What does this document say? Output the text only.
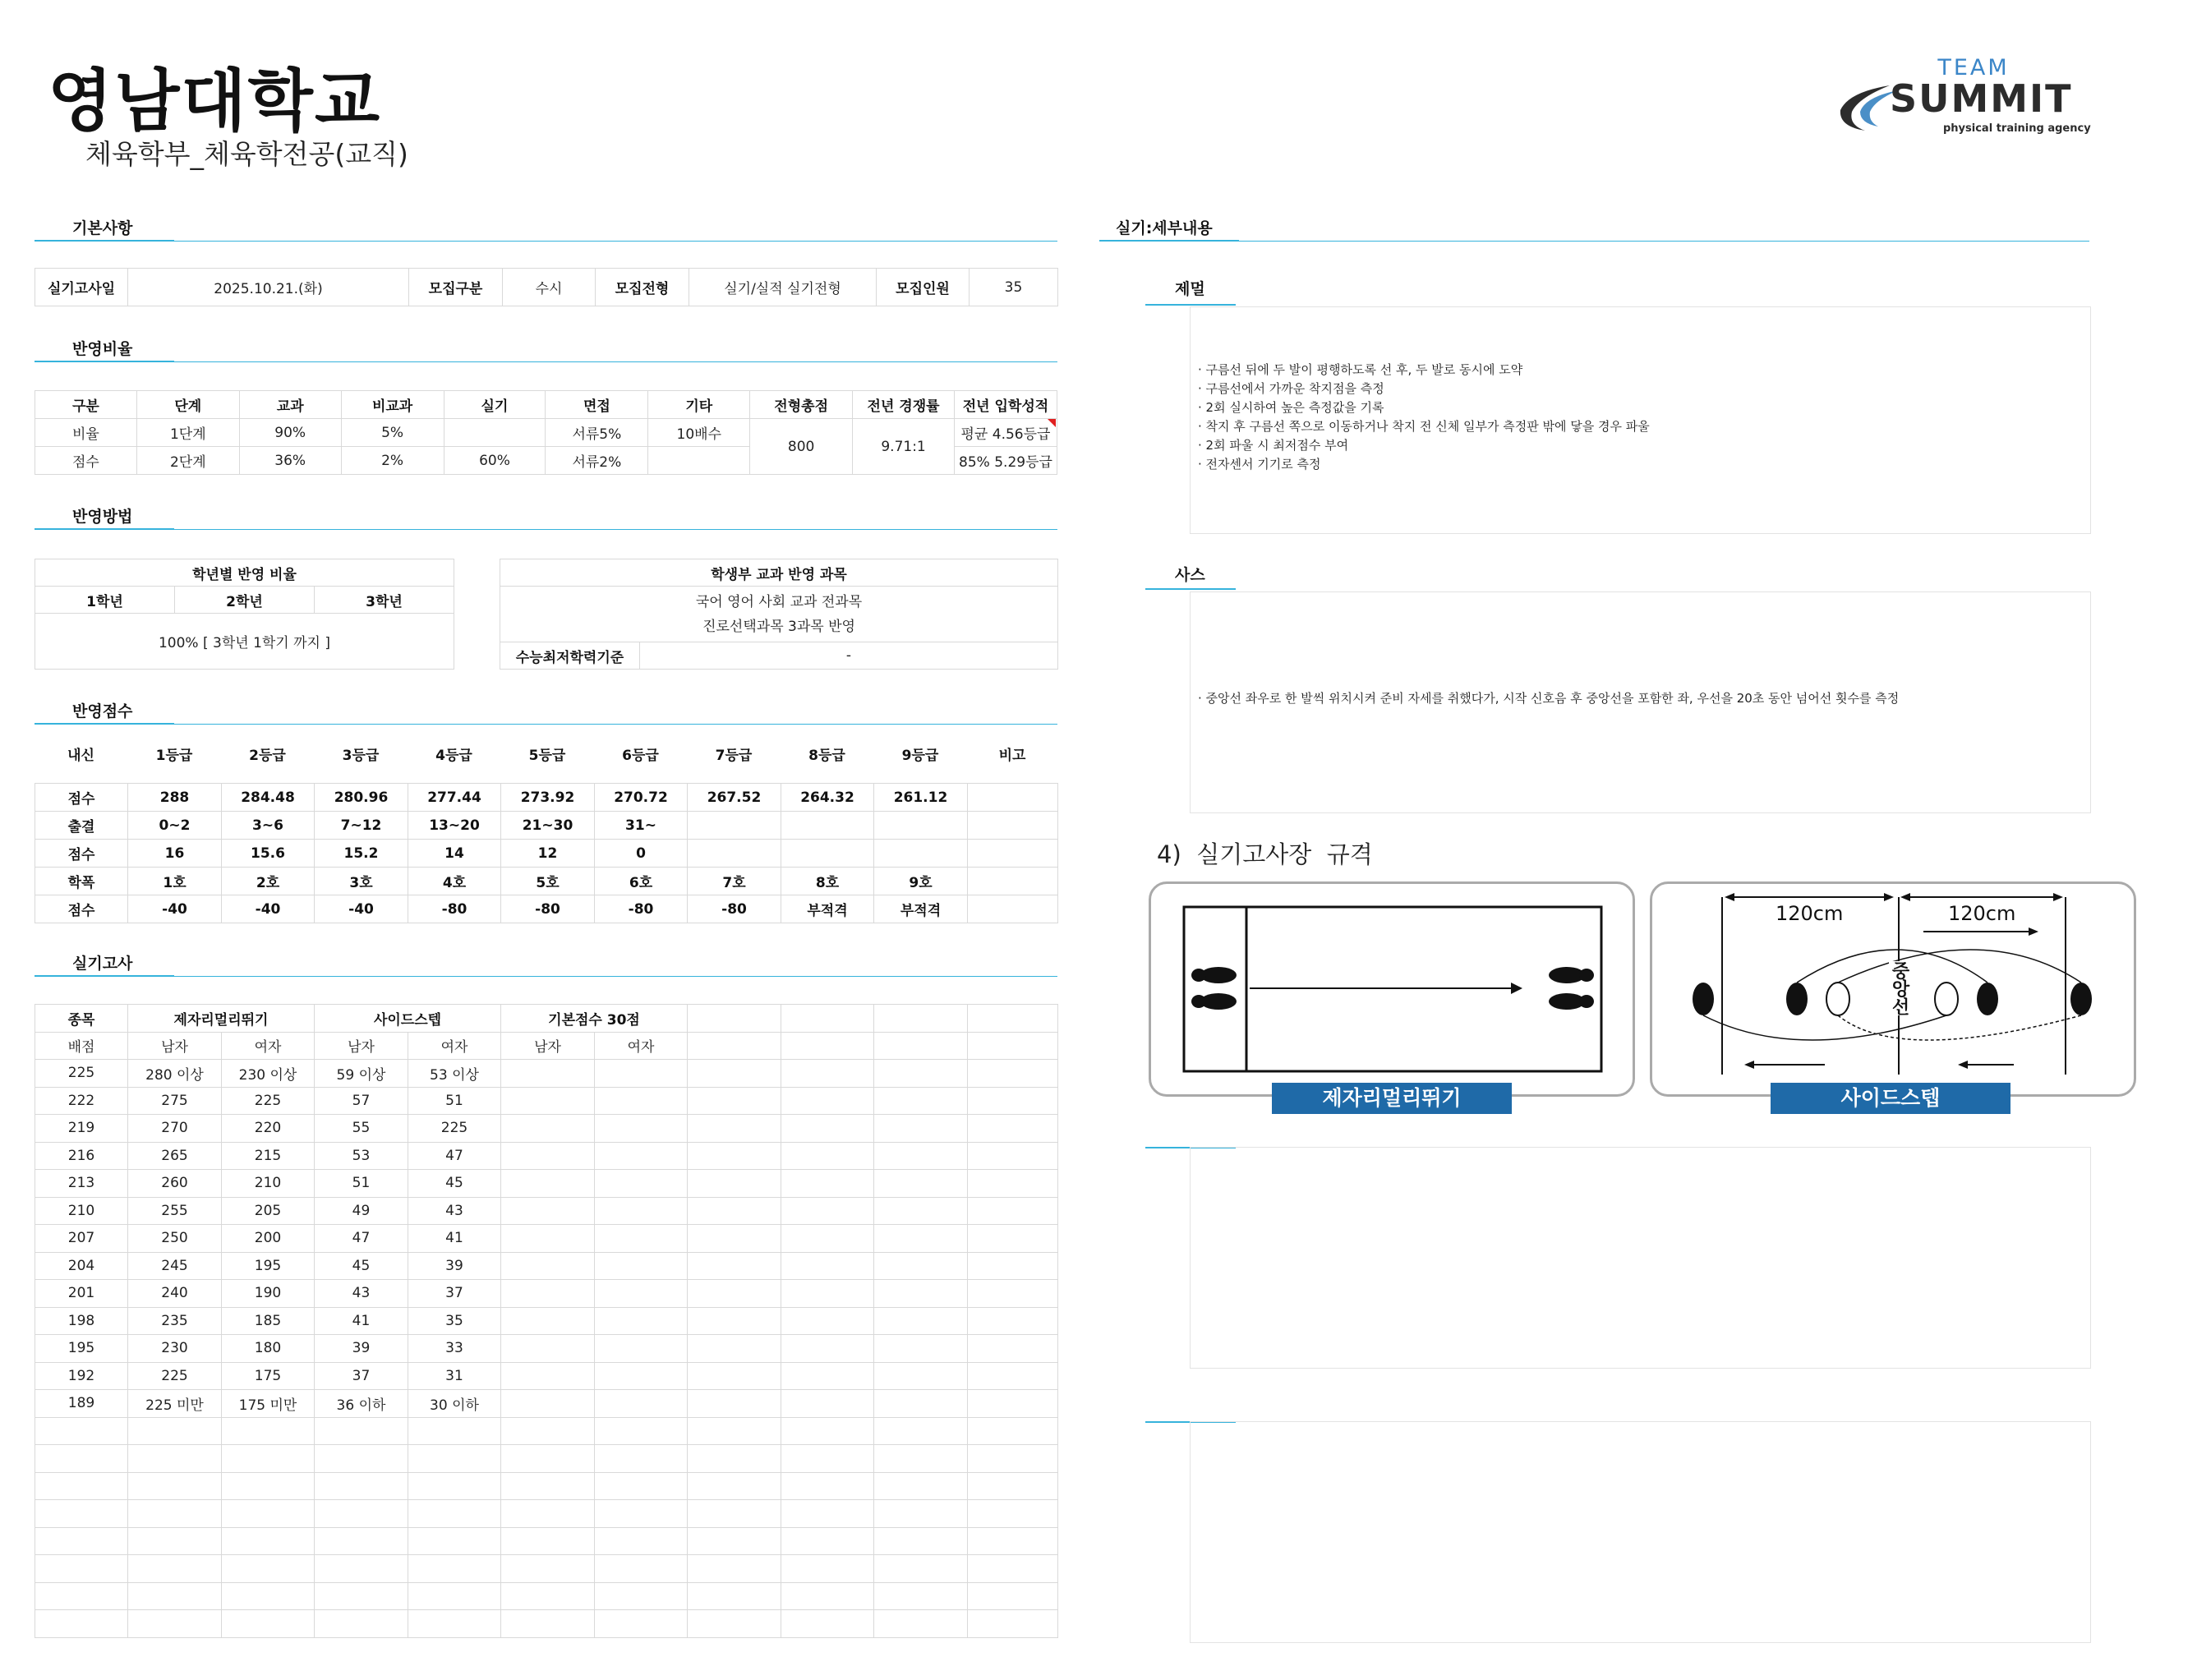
영남대학교
체육학부_체육학전공(교직)
TEAM
SUMMIT
physical training agency
기본사항
실기고사일	2025.10.21.(화)	모집구분	수시	모집전형	실기/실적 실기전형	모집인원	35
반영비율
구분	단계	교과	비교과	실기	면접	기타	전형총점	전년 경쟁률	전년 입학성적
비율	1단계	90%	5%		서류5%	10배수	800	9.71:1	평균 4.56등급
점수	2단계	36%	2%	60%	서류2%				85% 5.29등급
반영방법
학년별 반영 비율
1학년	2학년	3학년
100% [ 3학년 1학기 까지 ]
학생부 교과 반영 과목

국어 영어 사회 교과 전과목
진로선택과목 3과목 반영

수능최저학력기준	-
반영점수
내신	1등급	2등급	3등급	4등급	5등급	6등급	7등급	8등급	9등급	비고
점수	288	284.48	280.96	277.44	273.92	270.72	267.52	264.32	261.12	
출결	0~2	3~6	7~12	13~20	21~30	31~				
점수	16	15.6	15.2	14	12	0				
학폭	1호	2호	3호	4호	5호	6호	7호	8호	9호	
점수	-40	-40	-40	-80	-80	-80	-80	부적격	부적격	
실기고사
종목	제자리멀리뛰기		사이드스텝		기본점수 30점					
배점	남자	여자	남자	여자	남자	여자				
225	280 이상	230 이상	59 이상	53 이상						
222	275	225	57	51						
219	270	220	55	225						
216	265	215	53	47						
213	260	210	51	45						
210	255	205	49	43						
207	250	200	47	41						
204	245	195	45	39						
201	240	190	43	37						
198	235	185	41	35						
195	230	180	39	33						
192	225	175	37	31						
189	225 미만	175 미만	36 이하	30 이하						

실기:세부내용
제멀
· 구름선 뒤에 두 발이 평행하도록 선 후, 두 발로 동시에 도약
· 구름선에서 가까운 착지점을 측정
· 2회 실시하여 높은 측정값을 기록
· 착지 후 구름선 쪽으로 이동하거나 착지 전 신체 일부가 측정판 밖에 닿을 경우 파울
· 2회 파울 시 최저점수 부여
· 전자센서 기기로 측정
사스
· 중앙선 좌우로 한 발씩 위치시켜 준비 자세를 취했다가, 시작 신호음 후 중앙선을 포함한 좌, 우선을 20초 동안 넘어선 횟수를 측정
4)  실기고사장  규격
제자리멀리뛰기
120cm	120cm
중앙선
사이드스텝
